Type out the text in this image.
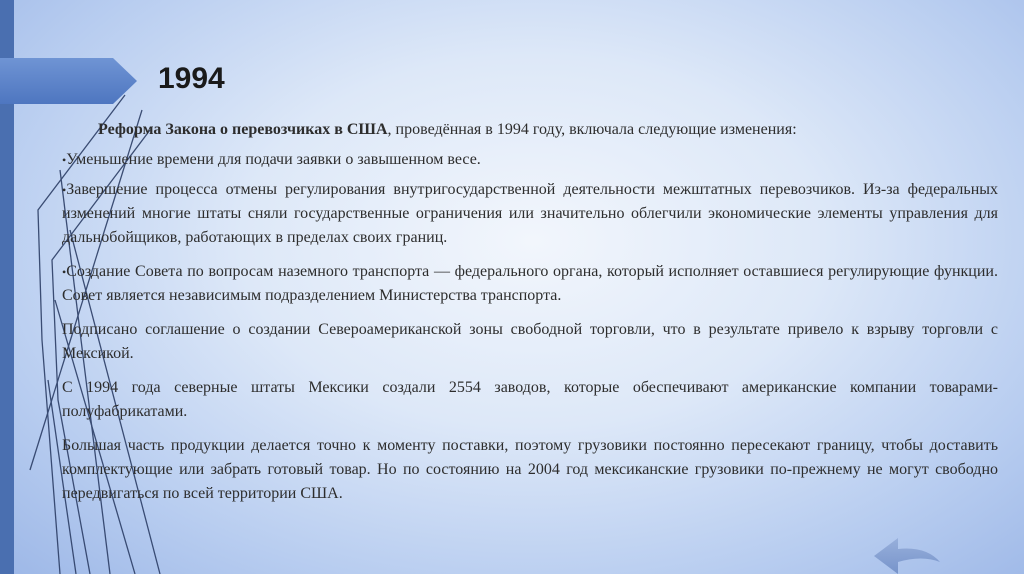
1994

Реформа Закона о перевозчиках в США, проведённая в 1994 году, включала следующие изменения:

•Уменьшение времени для подачи заявки о завышенном весе.

•Завершение процесса отмены регулирования внутригосударственной деятельности межштатных перевозчиков. Из-за федеральных изменений многие штаты сняли государственные ограничения или значительно облегчили экономические элементы управления для дальнобойщиков, работающих в пределах своих границ.

•Создание Совета по вопросам наземного транспорта — федерального органа, который исполняет оставшиеся регулирующие функции. Совет является независимым подразделением Министерства транспорта.

Подписано соглашение о создании Североамериканской зоны свободной торговли, что в результате привело к взрыву торговли с Мексикой.

С 1994 года северные штаты Мексики создали 2554 заводов, которые обеспечивают американские компании товарами-полуфабрикатами.

Большая часть продукции делается точно к моменту поставки, поэтому грузовики постоянно пересекают границу, чтобы доставить комплектующие или забрать готовый товар. Но по состоянию на 2004 год мексиканские грузовики по-прежнему не могут свободно передвигаться по всей территории США.
